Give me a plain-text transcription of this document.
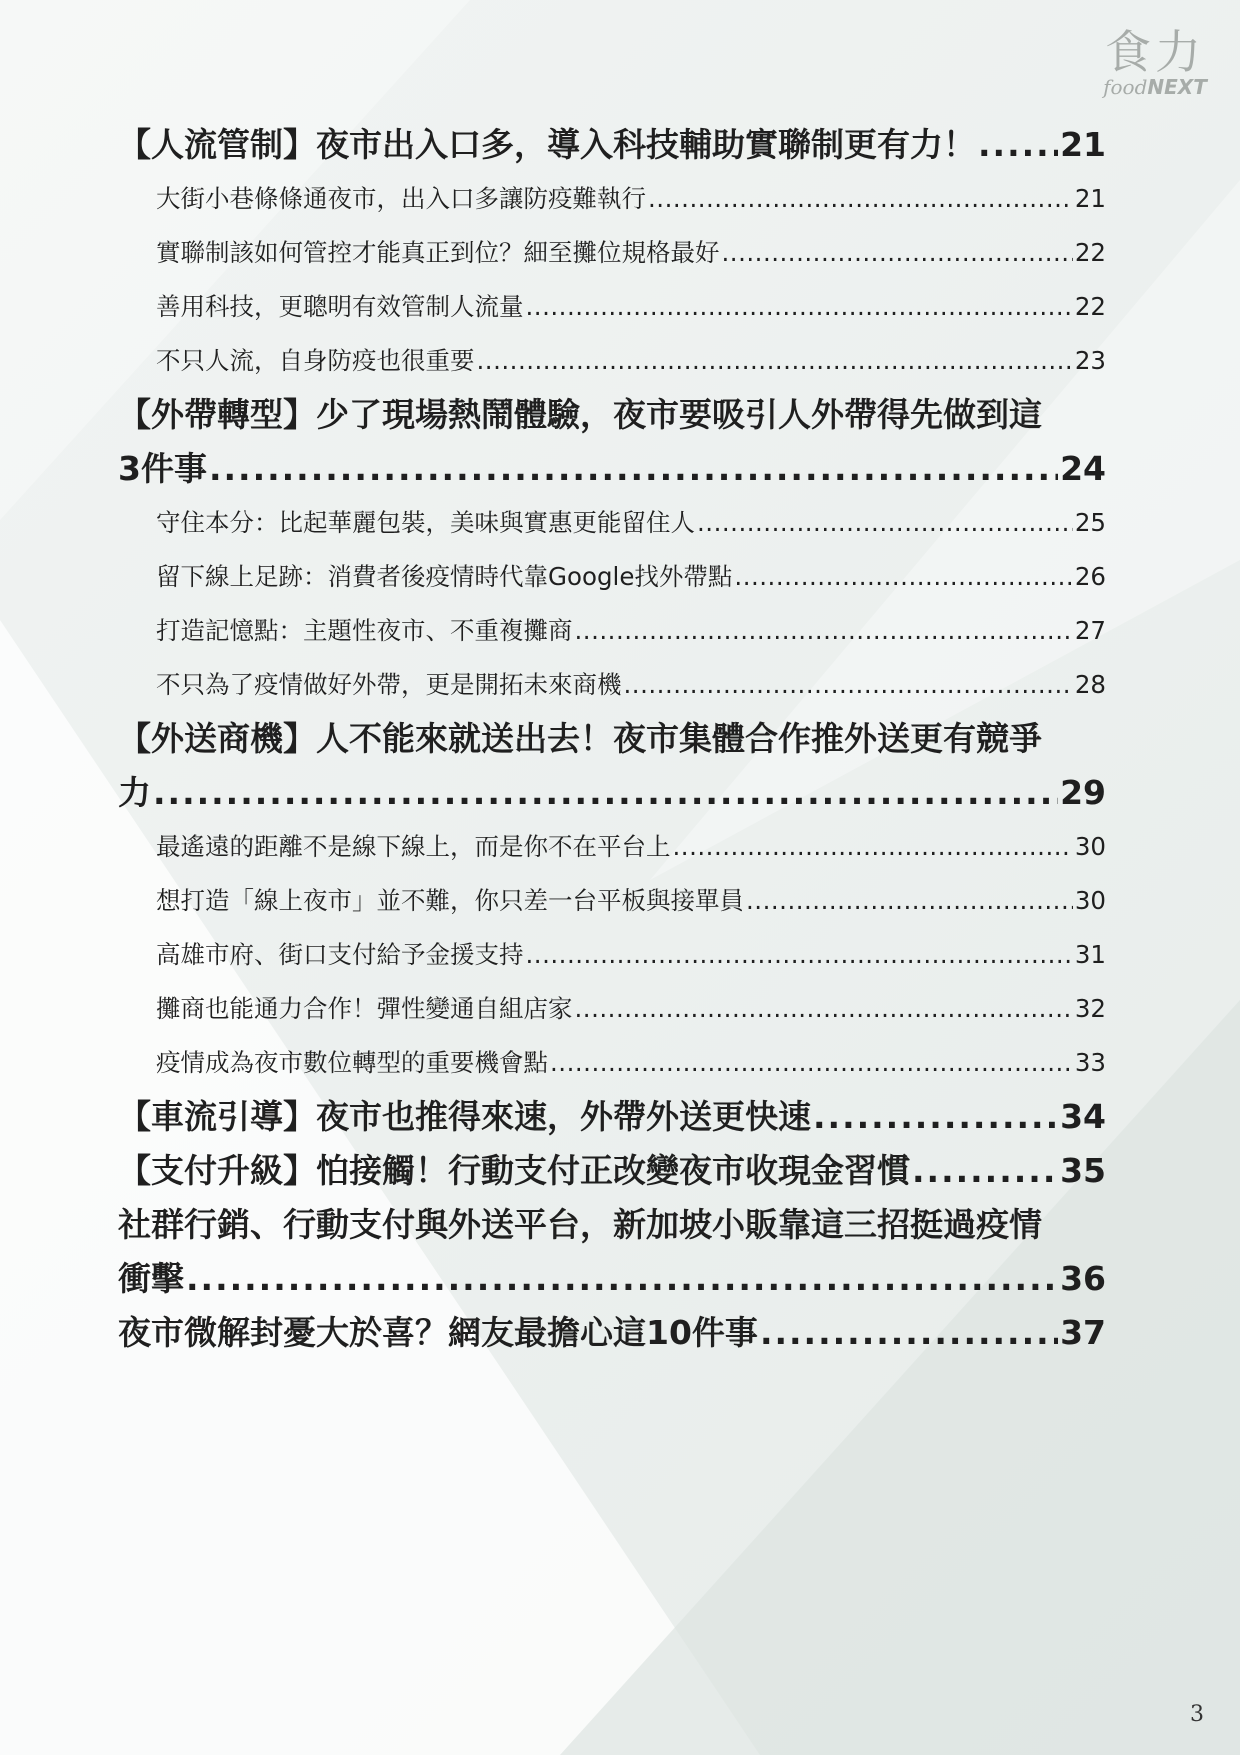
食力
foodNEXT
【人流管制】夜市出入口多，導入科技輔助實聯制更有力！ .....	21
大街小巷條條通夜市，出入口多讓防疫難執行 .....	21
實聯制該如何管控才能真正到位？細至攤位規格最好 .....	22
善用科技，更聰明有效管制人流量 .....	22
不只人流，自身防疫也很重要 .....	23
【外帶轉型】少了現場熱鬧體驗，夜市要吸引人外帶得先做到這
3件事 .....	24
守住本分：比起華麗包裝，美味與實惠更能留住人 .....	25
留下線上足跡：消費者後疫情時代靠Google找外帶點 .....	26
打造記憶點：主題性夜市、不重複攤商 .....	27
不只為了疫情做好外帶，更是開拓未來商機 .....	28
【外送商機】人不能來就送出去！夜市集體合作推外送更有競爭
力 .....	29
最遙遠的距離不是線下線上，而是你不在平台上 .....	30
想打造「線上夜市」並不難，你只差一台平板與接單員 .....	30
高雄市府、街口支付給予金援支持 .....	31
攤商也能通力合作！彈性變通自組店家 .....	32
疫情成為夜市數位轉型的重要機會點 .....	33
【車流引導】夜市也推得來速，外帶外送更快速 .....	34
【支付升級】怕接觸！行動支付正改變夜市收現金習慣 .....	35
社群行銷、行動支付與外送平台，新加坡小販靠這三招挺過疫情
衝擊 .....	36
夜市微解封憂大於喜？網友最擔心這10件事 .....	37
3
